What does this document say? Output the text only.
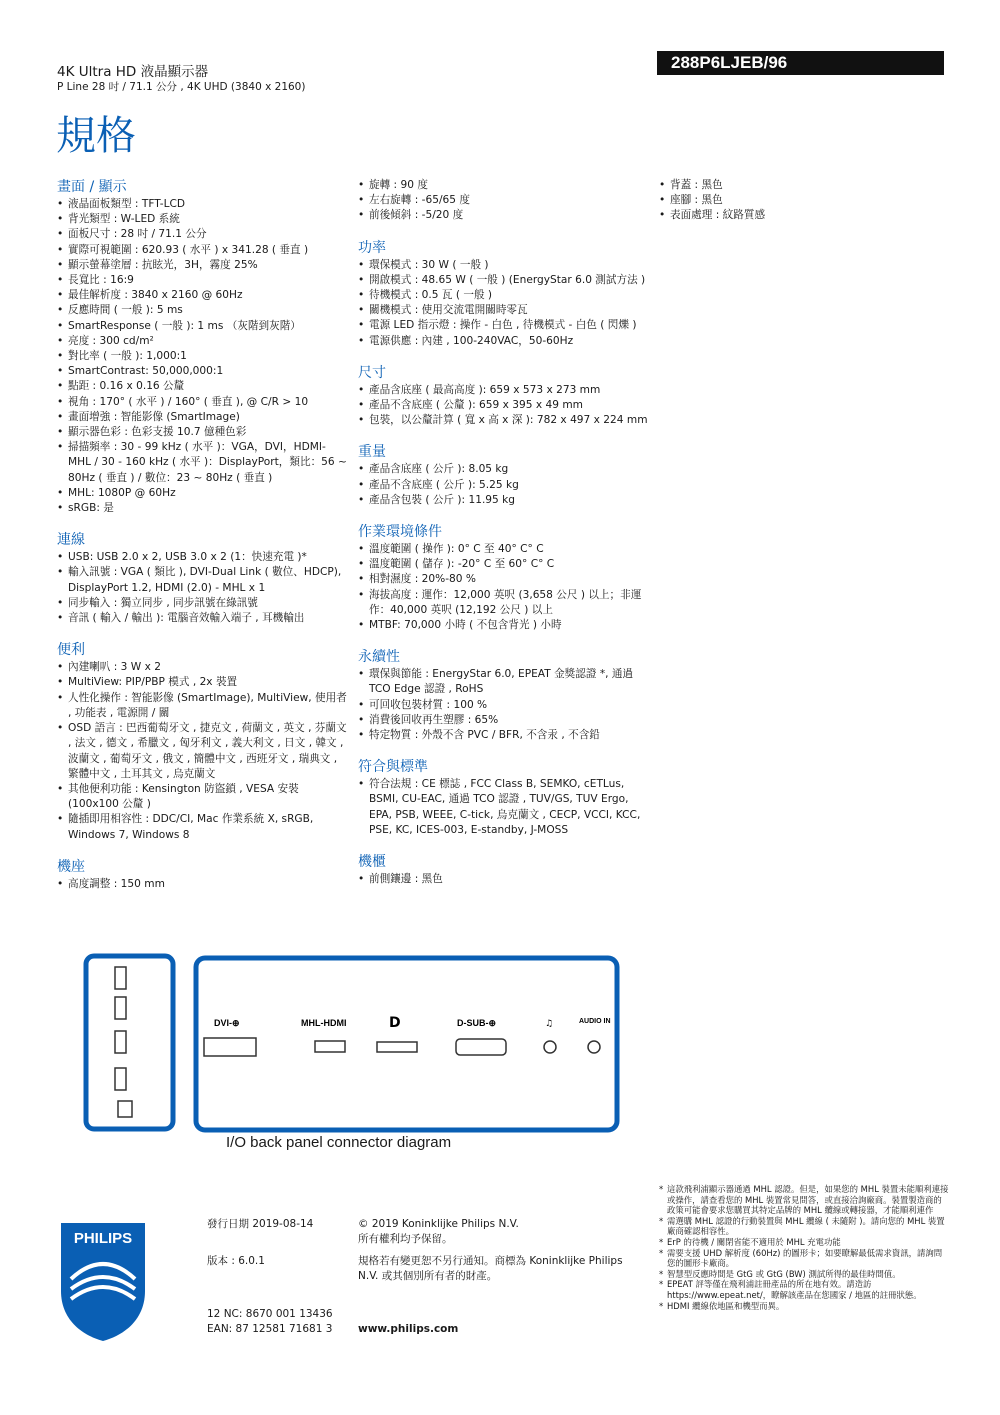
4K Ultra HD 液晶顯示器
P Line 28 吋 / 71.1 公分 , 4K UHD (3840 x 2160)
288P6LJEB/96
規格
畫面 / 顯示
• 液晶面板類型 : TFT-LCD
• 背光類型 : W-LED 系統
• 面板尺寸 : 28 吋 / 71.1 公分
• 實際可視範圍 : 620.93 ( 水平 ) x 341.28 ( 垂直 )
• 顯示螢幕塗層 : 抗眩光，3H，霧度 25%
• 長寬比 : 16:9
• 最佳解析度 : 3840 x 2160 @ 60Hz
• 反應時間 ( 一般 ): 5 ms
• SmartResponse ( 一般 ): 1 ms （灰階到灰階）
• 亮度 : 300 cd/m²
• 對比率 ( 一般 ): 1,000:1
• SmartContrast: 50,000,000:1
• 點距 : 0.16 x 0.16 公釐
• 視角 : 170° ( 水平 ) / 160° ( 垂直 ), @ C/R > 10
• 畫面增強 : 智能影像 (SmartImage)
• 顯示器色彩 : 色彩支援 10.7 億種色彩
• 掃描頻率 : 30 - 99 kHz ( 水平 )：VGA，DVI，HDMI-MHL / 30 - 160 kHz ( 水平 )：DisplayPort，類比：56 ~ 80Hz ( 垂直 ) / 數位：23 ~ 80Hz ( 垂直 )
• MHL: 1080P @ 60Hz
• sRGB: 是
連線
• USB: USB 2.0 x 2, USB 3.0 x 2 (1：快速充電 )*
• 輸入訊號 : VGA ( 類比 ), DVI-Dual Link ( 數位、HDCP), DisplayPort 1.2, HDMI (2.0) - MHL x 1
• 同步輸入 : 獨立同步 , 同步訊號在綠訊號
• 音訊 ( 輸入 / 輸出 ): 電腦音效輸入端子 , 耳機輸出
便利
• 內建喇叭 : 3 W x 2
• MultiView: PIP/PBP 模式 , 2x 裝置
• 人性化操作 : 智能影像 (SmartImage), MultiView, 使用者 , 功能表 , 電源開 / 關
• OSD 語言 : 巴西葡萄牙文 , 捷克文 , 荷蘭文 , 英文 , 芬蘭文 , 法文 , 德文 , 希臘文 , 匈牙利文 , 義大利文 , 日文 , 韓文 , 波蘭文 , 葡萄牙文 , 俄文 , 簡體中文 , 西班牙文 , 瑞典文 , 繁體中文 , 土耳其文 , 烏克蘭文
• 其他便利功能 : Kensington 防盜鎖 , VESA 安裝 (100x100 公釐 )
• 隨插即用相容性 : DDC/CI, Mac 作業系統 X, sRGB, Windows 7, Windows 8
機座
• 高度調整 : 150 mm
• 旋轉 : 90 度
• 左右旋轉 : -65/65 度
• 前後傾斜 : -5/20 度
功率
• 環保模式 : 30 W ( 一般 )
• 開啟模式 : 48.65 W ( 一般 ) (EnergyStar 6.0 測試方法 )
• 待機模式 : 0.5 瓦 ( 一般 )
• 關機模式 : 使用交流電開關時零瓦
• 電源 LED 指示燈 : 操作 - 白色 , 待機模式 - 白色 ( 閃爍 )
• 電源供應 : 內建 , 100-240VAC，50-60Hz
尺寸
• 產品含底座 ( 最高高度 ): 659 x 573 x 273 mm
• 產品不含底座 ( 公釐 ): 659 x 395 x 49 mm
• 包裝，以公釐計算 ( 寬 x 高 x 深 ): 782 x 497 x 224 mm
重量
• 產品含底座 ( 公斤 ): 8.05 kg
• 產品不含底座 ( 公斤 ): 5.25 kg
• 產品含包裝 ( 公斤 ): 11.95 kg
作業環境條件
• 溫度範圍 ( 操作 ): 0° C 至 40° C° C
• 溫度範圍 ( 儲存 ): -20° C 至 60° C° C
• 相對濕度 : 20%-80 %
• 海拔高度 : 運作：12,000 英呎 (3,658 公尺 ) 以上；非運作：40,000 英呎 (12,192 公尺 ) 以上
• MTBF: 70,000 小時 ( 不包含背光 ) 小時
永續性
• 環保與節能 : EnergyStar 6.0, EPEAT 金獎認證 *, 通過 TCO Edge 認證 , RoHS
• 可回收包裝材質 : 100 %
• 消費後回收再生塑膠 : 65%
• 特定物質 : 外殼不含 PVC / BFR, 不含汞 , 不含鉛
符合與標準
• 符合法規 : CE 標誌 , FCC Class B, SEMKO, cETLus, BSMI, CU-EAC, 通過 TCO 認證 , TUV/GS, TUV Ergo, EPA, PSB, WEEE, C-tick, 烏克蘭文 , CECP, VCCI, KCC, PSE, KC, ICES-003, E-standby, J-MOSS
機櫃
• 前側鑲邊 : 黑色
• 背蓋 : 黑色
• 座腳 : 黑色
• 表面處理 : 紋路質感
DVI-⊕	MHL-HDMI	D	D-SUB-⊕	♫	AUDIO IN
I/O back panel connector diagram
PHILIPS
發行日期 2019-08-14
版本 : 6.0.1
12 NC: 8670 001 13436
EAN: 87 12581 71681 3
© 2019 Koninklijke Philips N.V.
所有權利均予保留。
規格若有變更恕不另行通知。商標為 Koninklijke Philips N.V. 或其個別所有者的財產。
www.philips.com
* 這款飛利浦顯示器通過 MHL 認證。但是，如果您的 MHL 裝置未能順利連接或操作，請查看您的 MHL 裝置常見問答，或直接洽詢廠商。裝置製造商的政策可能會要求您購買其特定品牌的 MHL 纜線或轉接器，才能順利連作
* 需選購 MHL 認證的行動裝置與 MHL 纜線 ( 未隨附 )。請向您的 MHL 裝置廠商確認相容性。
* ErP 的待機 / 關閉省能不適用於 MHL 充電功能
* 需要支援 UHD 解析度 (60Hz) 的圖形卡；如要瞭解最低需求資訊，請詢問您的圖形卡廠商。
* 智慧型反應時間是 GtG 或 GtG (BW) 測試所得的最佳時間值。
* EPEAT 評等僅在飛利浦註冊產品的所在地有效。請造訪 https://www.epeat.net/，瞭解該產品在您國家 / 地區的註冊狀態。
* HDMI 纜線依地區和機型而異。
